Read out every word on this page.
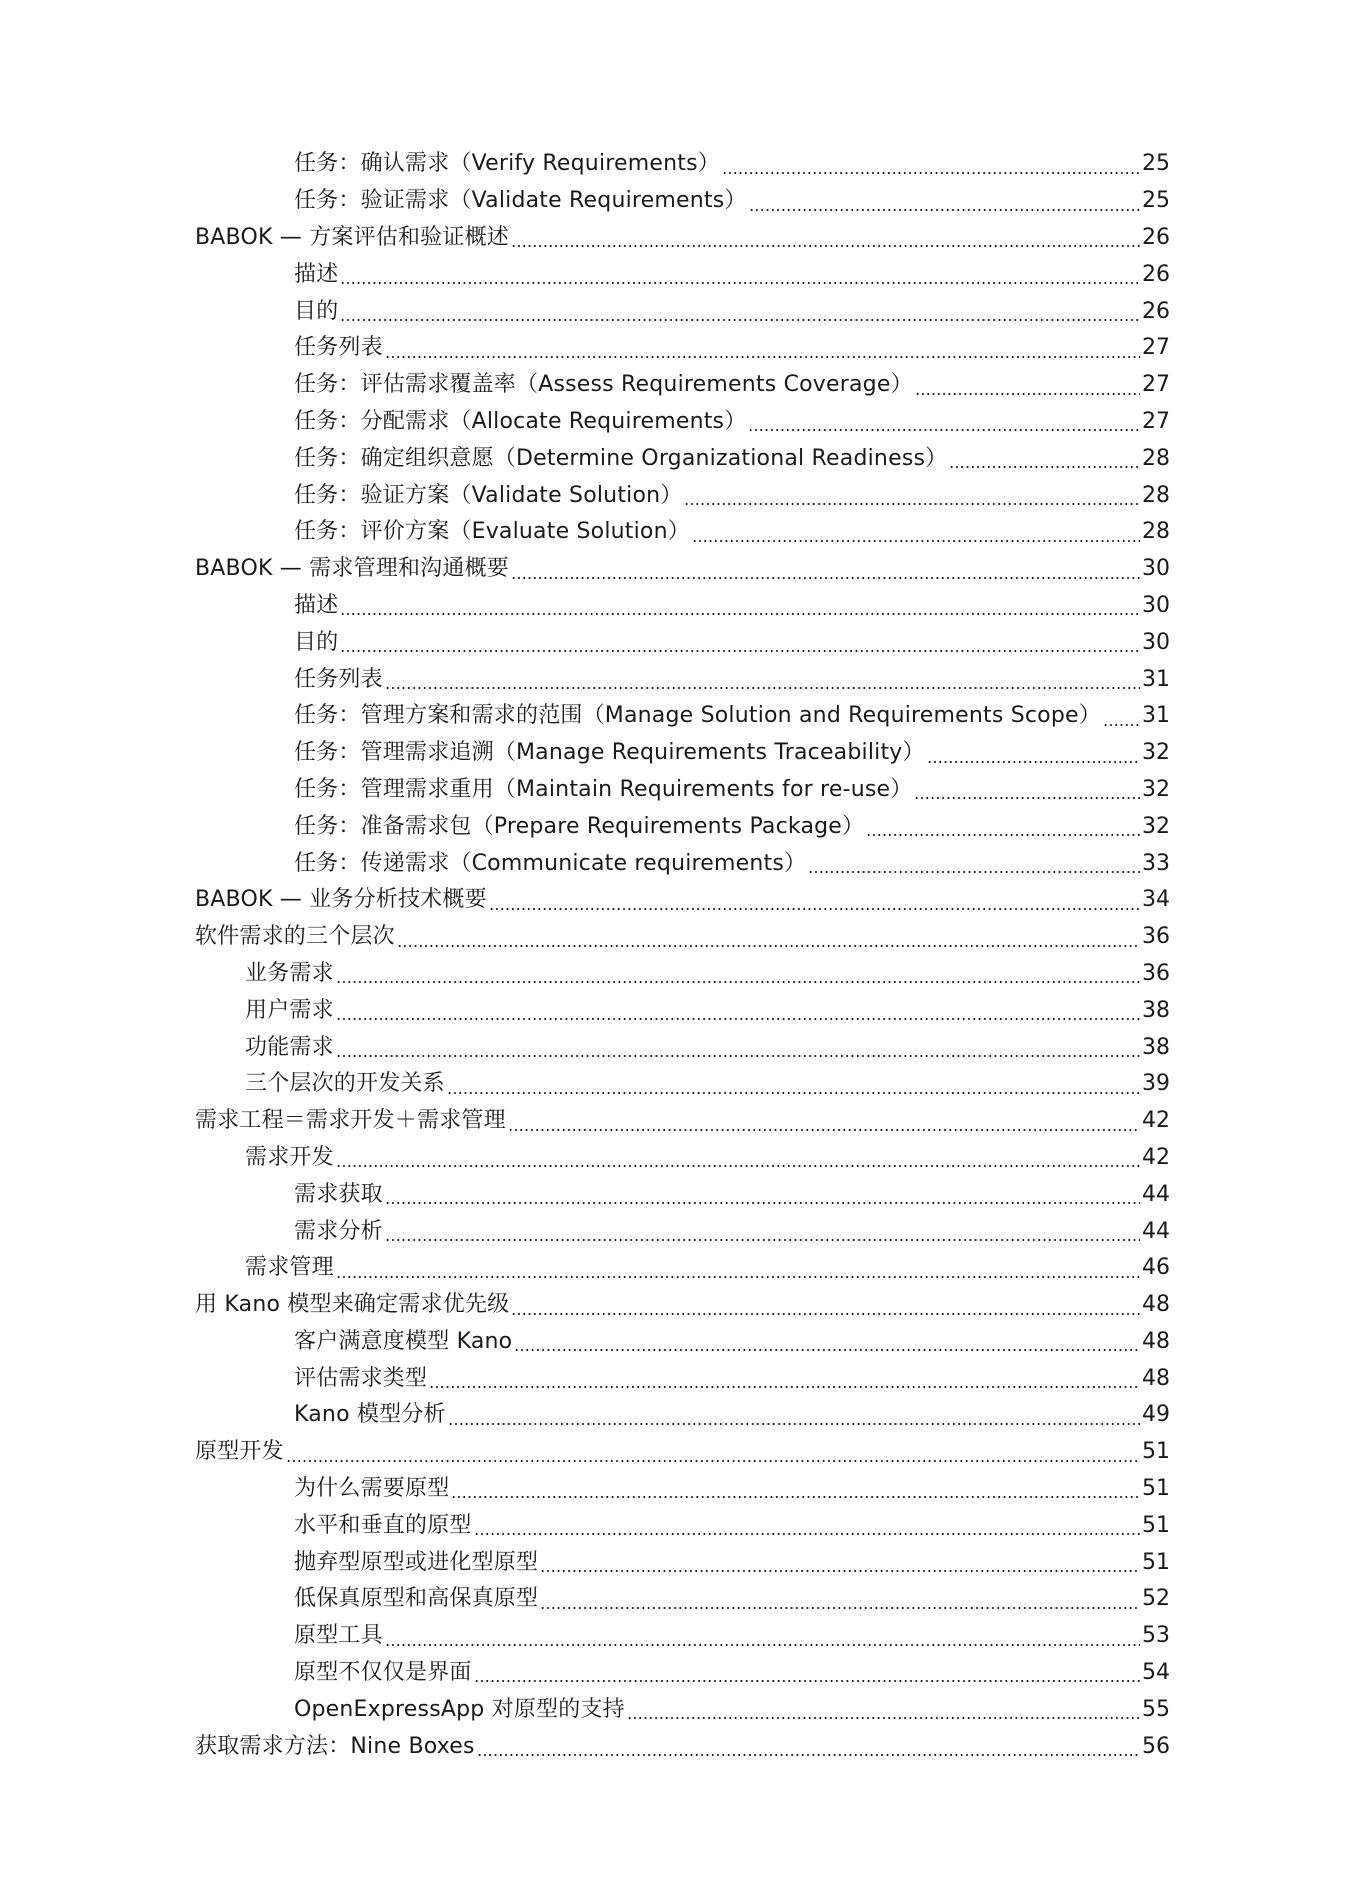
任务：确认需求（Verify Requirements）	25
任务：验证需求（Validate Requirements）	25
BABOK — 方案评估和验证概述	26
描述	26
目的	26
任务列表	27
任务：评估需求覆盖率（Assess Requirements Coverage）	27
任务：分配需求（Allocate Requirements）	27
任务：确定组织意愿（Determine Organizational Readiness）	28
任务：验证方案（Validate Solution）	28
任务：评价方案（Evaluate Solution）	28
BABOK — 需求管理和沟通概要	30
描述	30
目的	30
任务列表	31
任务：管理方案和需求的范围（Manage Solution and Requirements Scope） 31
任务：管理需求追溯（Manage Requirements Traceability）	32
任务：管理需求重用（Maintain Requirements for re-use）	32
任务：准备需求包（Prepare Requirements Package）	32
任务：传递需求（Communicate requirements）	33
BABOK — 业务分析技术概要	34
软件需求的三个层次	36
业务需求	36
用户需求	38
功能需求	38
三个层次的开发关系	39
需求工程＝需求开发＋需求管理	42
需求开发	42
需求获取	44
需求分析	44
需求管理	46
用 Kano 模型来确定需求优先级	48
客户满意度模型 Kano	48
评估需求类型	48
Kano 模型分析	49
原型开发	51
为什么需要原型	51
水平和垂直的原型	51
抛弃型原型或进化型原型	51
低保真原型和高保真原型	52
原型工具	53
原型不仅仅是界面	54
OpenExpressApp 对原型的支持	55
获取需求方法：Nine Boxes	56
